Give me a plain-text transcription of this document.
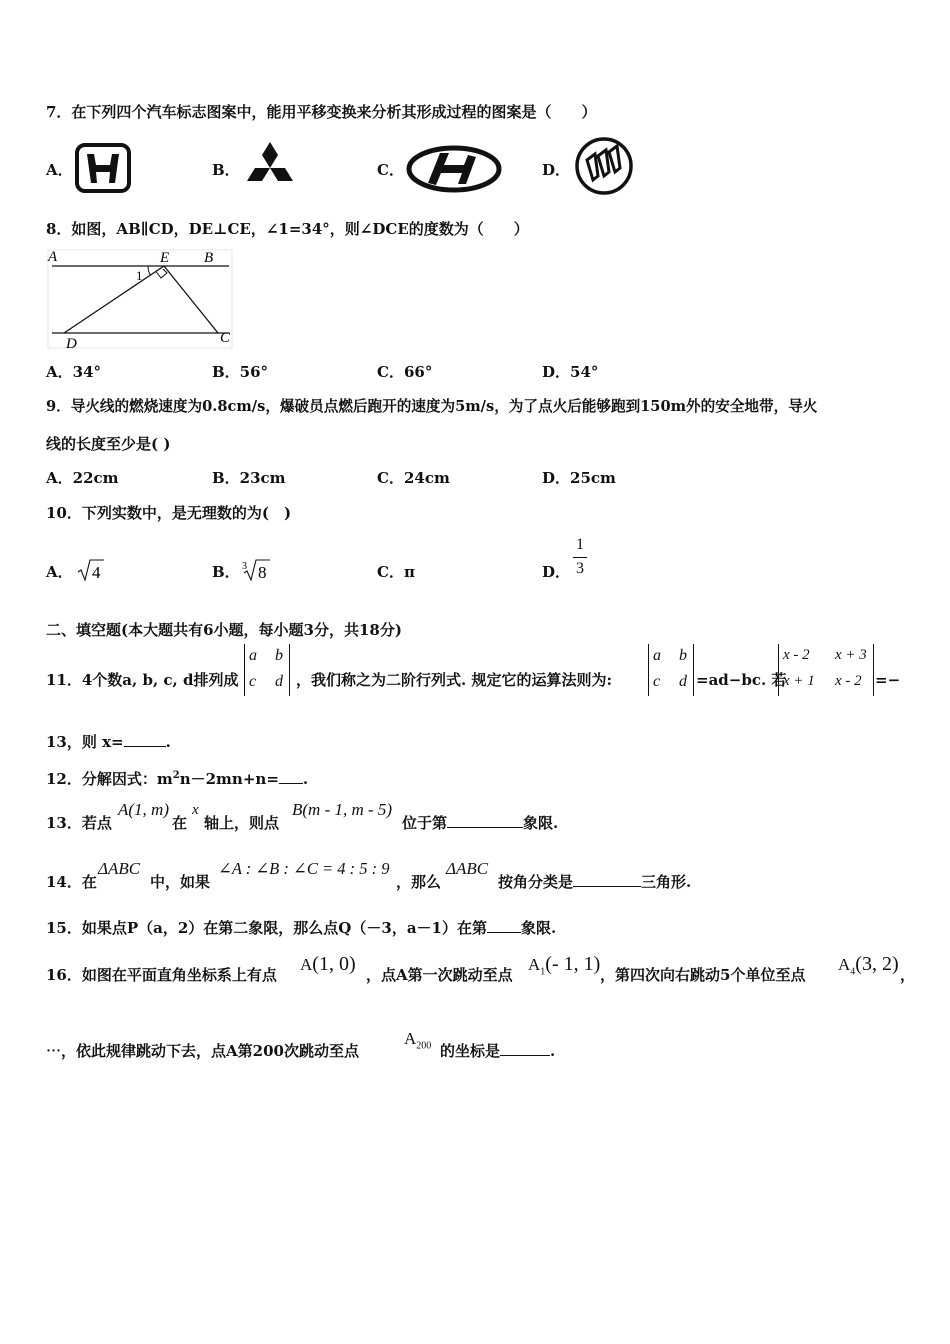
7．在下列四个汽车标志图案中，能用平移变换来分析其形成过程的图案是（　　）
A．	B．	C．	D．
8．如图，AB∥CD，DE⊥CE，∠1=34°，则∠DCE的度数为（　　）
A	E B
D	C
1
A．34°	B．56°	C．66°	D．54°
9．导火线的燃烧速度为0.8cm/s，爆破员点燃后跑开的速度为5m/s，为了点火后能够跑到150m外的安全地带，导火
线的长度至少是( )
A．22cm	B．23cm	C．24cm	D．25cm
10．下列实数中，是无理数的为(　)
A． 4	B． 3 8	C．π	D．
1
3
二、填空题(本大题共有6小题，每小题3分，共18分)
11．4个数a, b, c, d排列成
a b
c d ，我们称之为二阶行列式. 规定它的运算法则为:
a b
c d =ad−bc. 若
x - 2 x + 3
x + 1 x - 2 =−
13，则 x=	.
12．分解因式：$m^2n-2mn+n=$ .
13．若点
A(1, m)
在
x
轴上，则点
B(m - 1, m - 5)
位于第	象限.
14．在
ΔABC
中，如果
∠A : ∠B : ∠C = 4 : 5 : 9
，那么
ΔABC
按角分类是	三角形.
15．如果点P（a，2）在第二象限，那么点Q（－3，a－1）在第 象限.
16．如图在平面直角坐标系上有点
A(1, 0) ，点A第一次跳动至点
$A_1(-$ 1, 1) ，第四次向右跳动5个单位至点
$A_4(3$, 2) ，
⋯，依此规律跳动下去，点A第200次跳动至点
$A_{200}$ 的坐标是	.
